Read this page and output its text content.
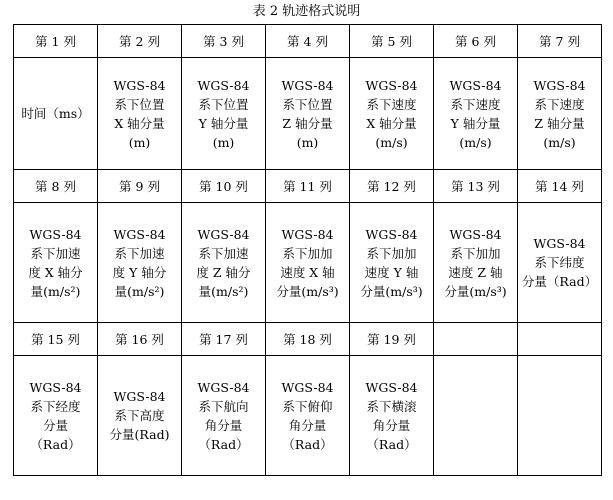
表 2 轨迹格式说明
第 1 列	第 2 列	第 3 列	第 4 列	第 5 列	第 6 列	第 7 列

时间（ms）	WGS-84
系下位置
X 轴分量
(m)	WGS-84
系下位置
Y 轴分量
(m)	WGS-84
系下位置
Z 轴分量
(m)	WGS-84
系下速度
X 轴分量
(m/s)	WGS-84
系下速度
Y 轴分量
(m/s)	WGS-84
系下速度
Z 轴分量
(m/s)

第 8 列	第 9 列	第 10 列	第 11 列	第 12 列	第 13 列	第 14 列

WGS-84
系下加速
度 X 轴分
量(m/s²)	WGS-84
系下加速
度 Y 轴分
量(m/s²)	WGS-84
系下加速
度 Z 轴分
量(m/s²)	WGS-84
系下加加
速度 X 轴
分量(m/s³)	WGS-84
系下加加
速度 Y 轴
分量(m/s³)	WGS-84
系下加加
速度 Z 轴
分量(m/s³)	WGS-84
系下纬度
分量（Rad）

第 15 列	第 16 列	第 17 列	第 18 列	第 19 列		

WGS-84
系下经度
分量
（Rad）	WGS-84
系下高度
分量(Rad)	WGS-84
系下航向
角分量
（Rad）	WGS-84
系下俯仰
角分量
（Rad）	WGS-84
系下横滚
角分量
（Rad）		
